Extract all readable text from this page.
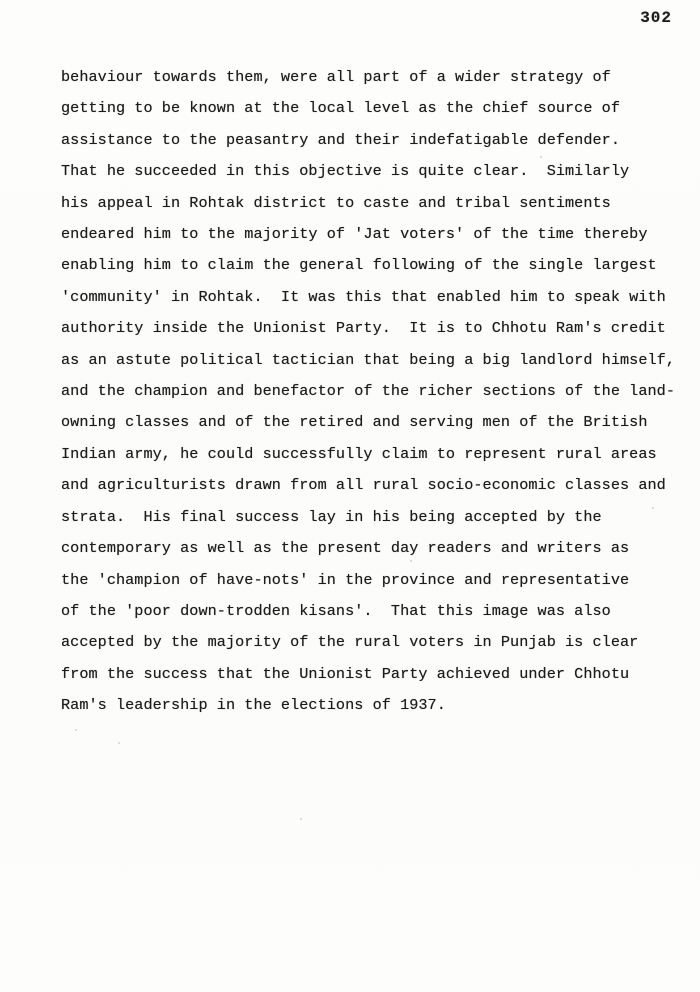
302
behaviour towards them, were all part of a wider strategy of
getting to be known at the local level as the chief source of
assistance to the peasantry and their indefatigable defender.
That he succeeded in this objective is quite clear.  Similarly
his appeal in Rohtak district to caste and tribal sentiments
endeared him to the majority of 'Jat voters' of the time thereby
enabling him to claim the general following of the single largest
'community' in Rohtak.  It was this that enabled him to speak with
authority inside the Unionist Party.  It is to Chhotu Ram's credit
as an astute political tactician that being a big landlord himself,
and the champion and benefactor of the richer sections of the land-
owning classes and of the retired and serving men of the British
Indian army, he could successfully claim to represent rural areas
and agriculturists drawn from all rural socio-economic classes and
strata.  His final success lay in his being accepted by the
contemporary as well as the present day readers and writers as
the 'champion of have-nots' in the province and representative
of the 'poor down-trodden kisans'.  That this image was also
accepted by the majority of the rural voters in Punjab is clear
from the success that the Unionist Party achieved under Chhotu
Ram's leadership in the elections of 1937.
